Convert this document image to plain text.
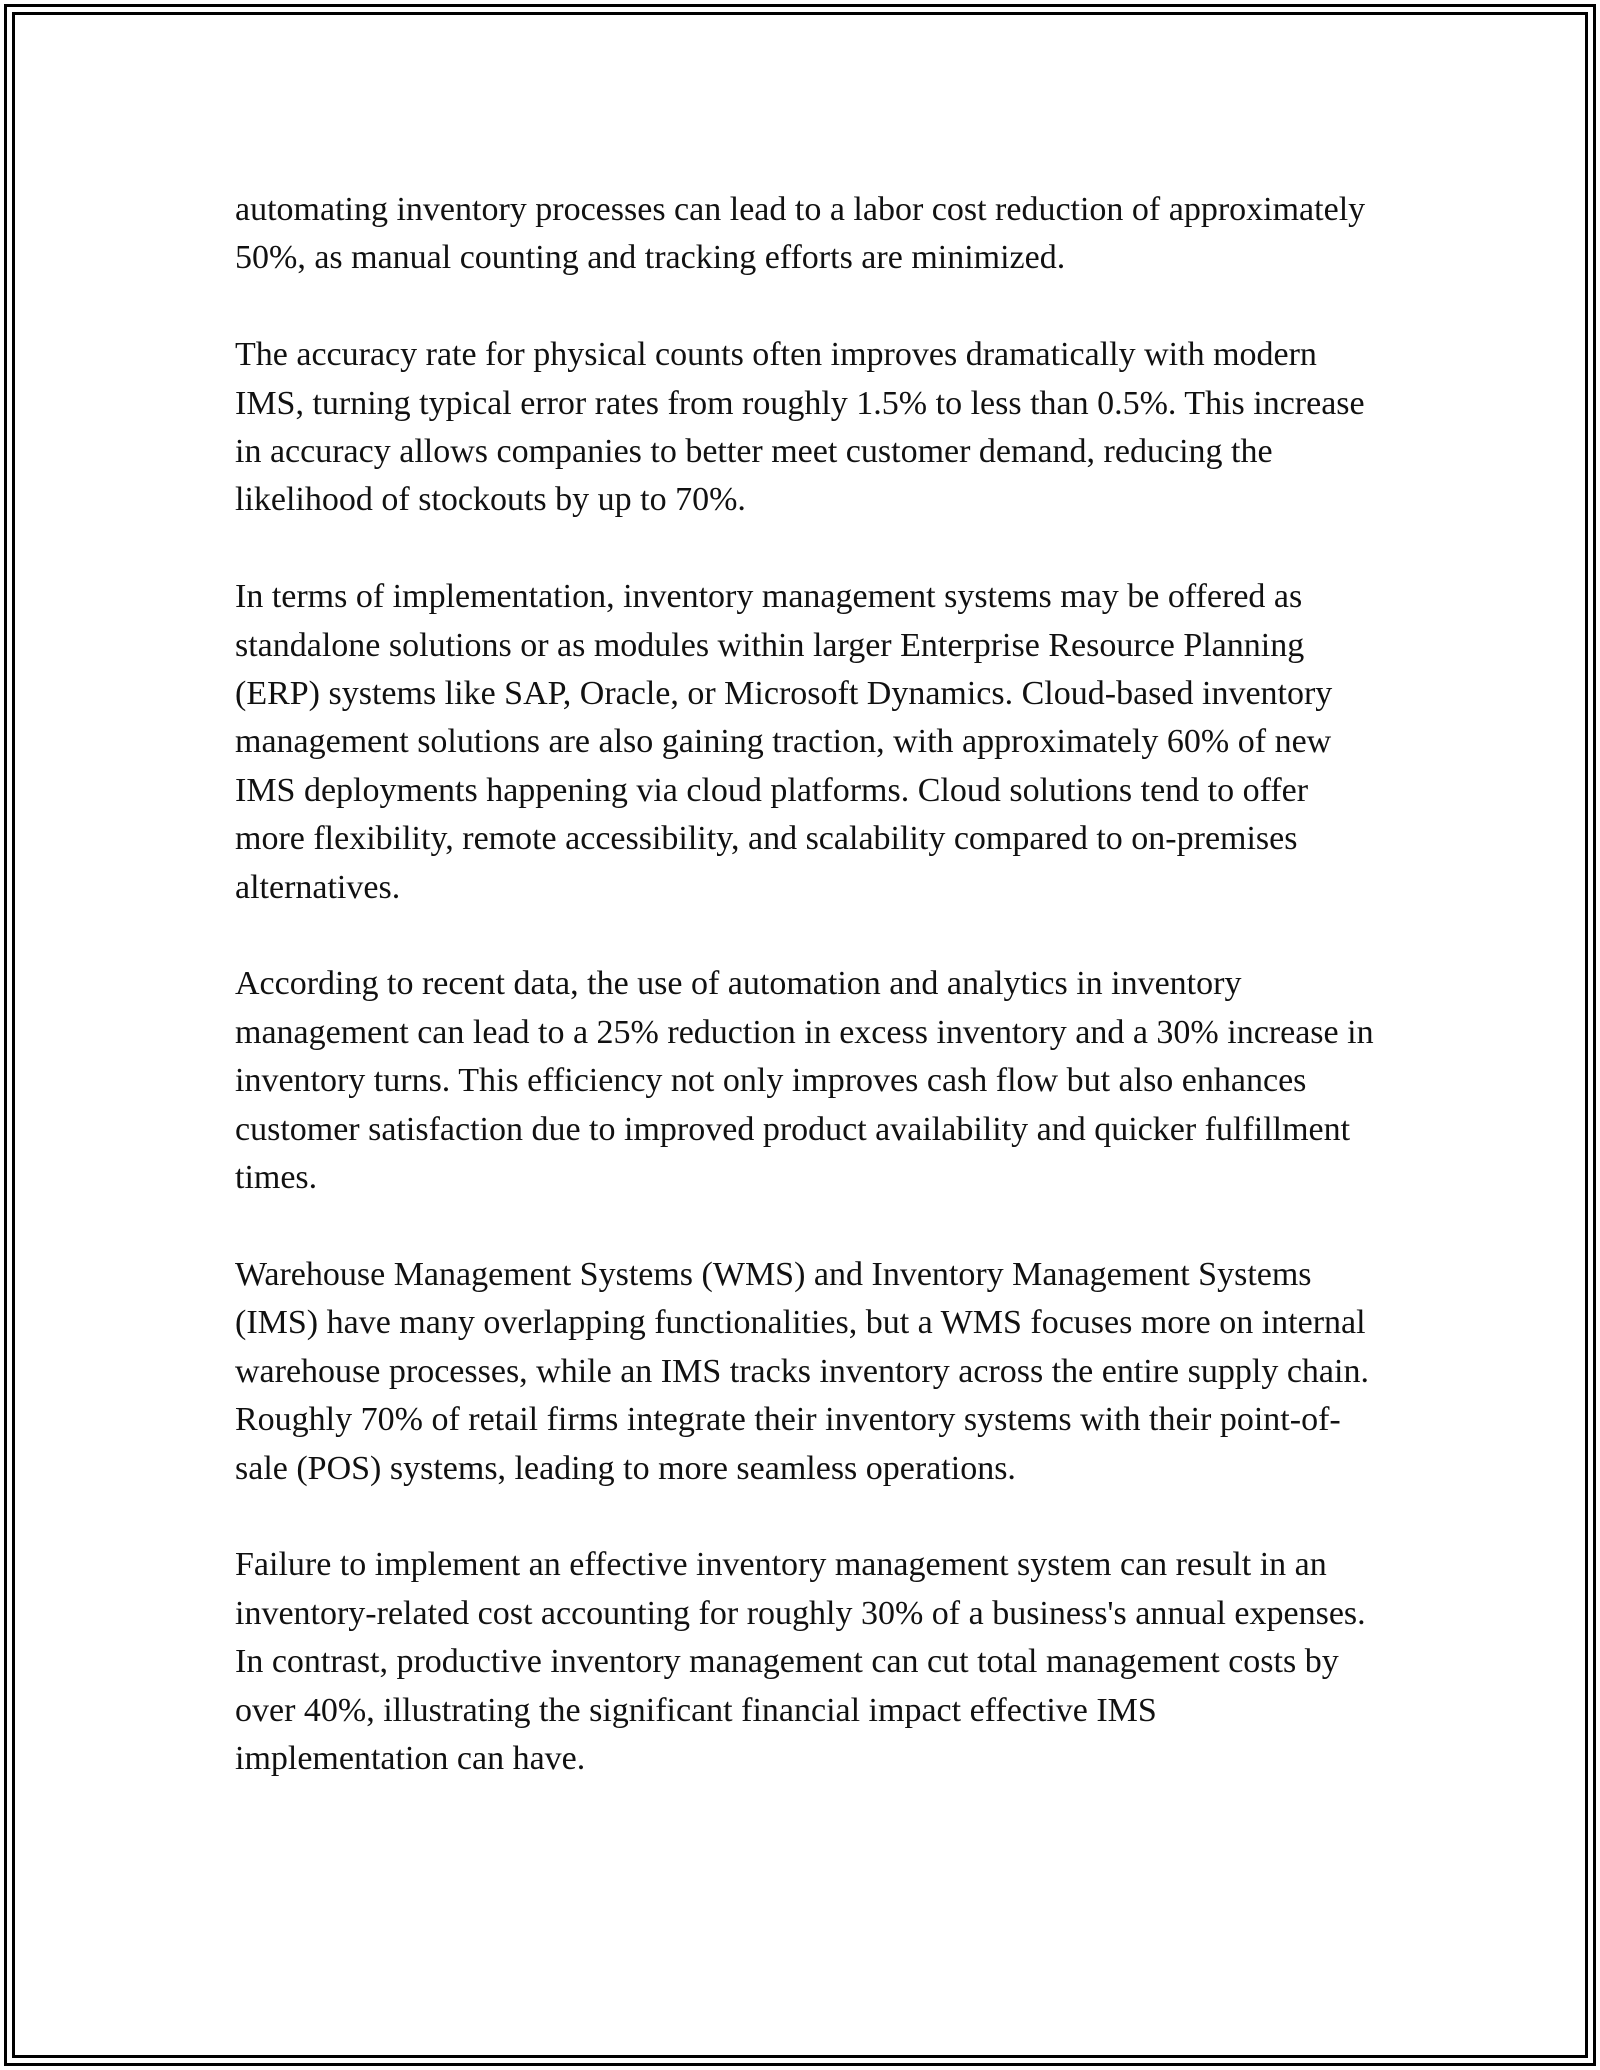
automating inventory processes can lead to a labor cost reduction of approximately 50%, as manual counting and tracking efforts are minimized.

The accuracy rate for physical counts often improves dramatically with modern IMS, turning typical error rates from roughly 1.5% to less than 0.5%. This increase in accuracy allows companies to better meet customer demand, reducing the likelihood of stockouts by up to 70%.

In terms of implementation, inventory management systems may be offered as standalone solutions or as modules within larger Enterprise Resource Planning (ERP) systems like SAP, Oracle, or Microsoft Dynamics. Cloud-based inventory management solutions are also gaining traction, with approximately 60% of new IMS deployments happening via cloud platforms. Cloud solutions tend to offer more flexibility, remote accessibility, and scalability compared to on-premises alternatives.

According to recent data, the use of automation and analytics in inventory management can lead to a 25% reduction in excess inventory and a 30% increase in inventory turns. This efficiency not only improves cash flow but also enhances customer satisfaction due to improved product availability and quicker fulfillment times.

Warehouse Management Systems (WMS) and Inventory Management Systems (IMS) have many overlapping functionalities, but a WMS focuses more on internal warehouse processes, while an IMS tracks inventory across the entire supply chain. Roughly 70% of retail firms integrate their inventory systems with their point-of-sale (POS) systems, leading to more seamless operations.

Failure to implement an effective inventory management system can result in an inventory-related cost accounting for roughly 30% of a business's annual expenses. In contrast, productive inventory management can cut total management costs by over 40%, illustrating the significant financial impact effective IMS implementation can have.
